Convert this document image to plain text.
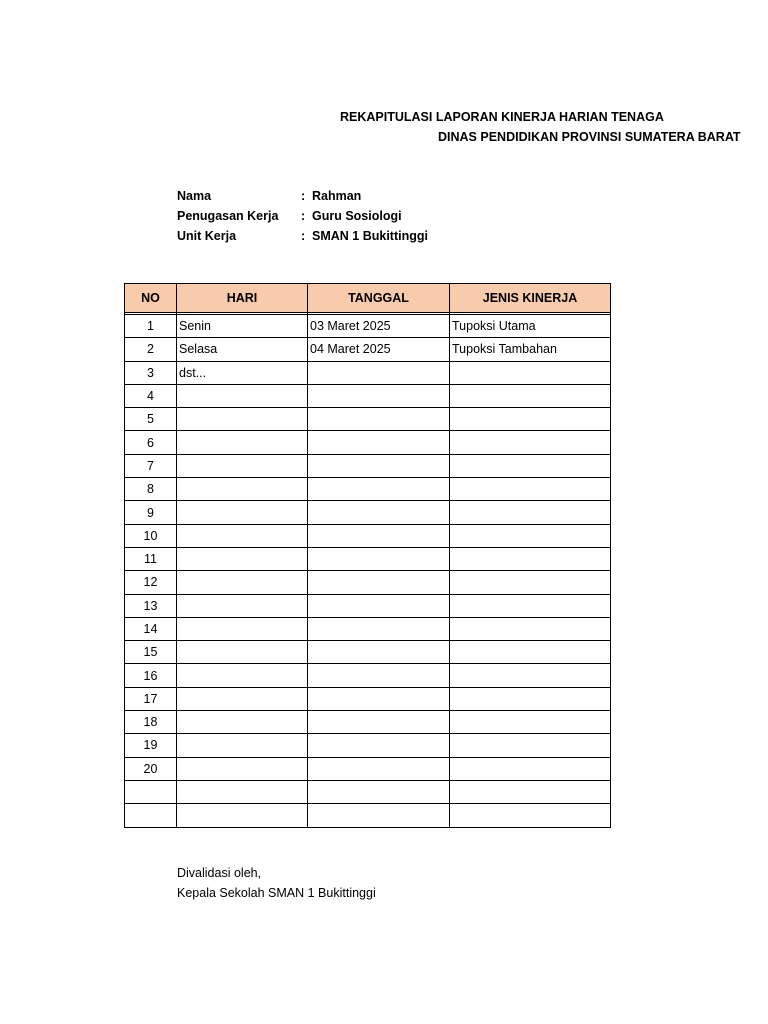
REKAPITULASI LAPORAN KINERJA HARIAN TENAGA
DINAS PENDIDIKAN PROVINSI SUMATERA BARAT
Nama	: Rahman
Penugasan Kerja : Guru Sosiologi
Unit Kerja	: SMAN 1 Bukittinggi
NO	HARI	TANGGAL	JENIS KINERJA

1	Senin	03 Maret 2025	Tupoksi Utama
2	Selasa	04 Maret 2025	Tupoksi Tambahan
3	dst...		
4			
5			
6			
7			
8			
9			
10			
11			
12			
13			
14			
15			
16			
17			
18			
19			
20			

Divalidasi oleh,
Kepala Sekolah SMAN 1 Bukittinggi
